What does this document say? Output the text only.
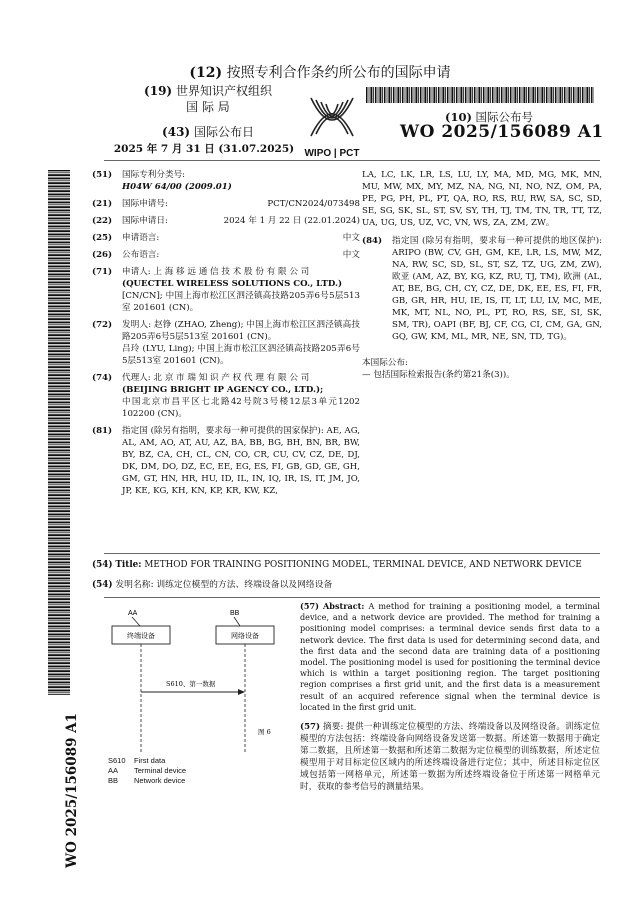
(12) 按照专利合作条约所公布的国际申请
(19) 世界知识产权组织
国 际 局
(43) 国际公布日
2025 年 7 月 31 日 (31.07.2025)	WIPO | PCT
(10) 国际公布号
WO 2025/156089 A1
WO 2025/156089 A1
(51) 国际专利分类号:
H04W 64/00 (2009.01)
(21) 国际申请号:	PCT/CN2024/073498
(22) 国际申请日:	2024 年 1 月 22 日 (22.01.2024)
(25) 申请语言:	中文
(26) 公布语言:	中文
(71) 申请人: 上 海 移 远 通 信 技 术 股 份 有 限 公 司
(QUECTEL WIRELESS SOLUTIONS CO., LTD.)
[CN/CN]; 中国上海市松江区泗泾镇高技路205弄6号5层513室 201601 (CN)。
(72) 发明人: 赵铮 (ZHAO, Zheng); 中国上海市松江区泗泾镇高技路205弄6号5层513室 201601 (CN)。
吕玲 (LYU, Ling); 中国上海市松江区泗泾镇高技路205弄6号5层513室 201601 (CN)。
(74) 代理人: 北 京 市 瑞 知 识 产 权 代 理 有 限 公 司
(BEIJING BRIGHT IP AGENCY CO., LTD.);
中国北京市昌平区七北路42号院3号楼12层3单元1202 102200 (CN)。
(81) 指定国 (除另有指明，要求每一种可提供的国家保护): AE, AG, AL, AM, AO, AT, AU, AZ, BA, BB, BG, BH, BN, BR, BW, BY, BZ, CA, CH, CL, CN, CO, CR, CU, CV, CZ, DE, DJ, DK, DM, DO, DZ, EC, EE, EG, ES, FI, GB, GD, GE, GH, GM, GT, HN, HR, HU, ID, IL, IN, IQ, IR, IS, IT, JM, JO, JP, KE, KG, KH, KN, KP, KR, KW, KZ,
LA, LC, LK, LR, LS, LU, LY, MA, MD, MG, MK, MN, MU, MW, MX, MY, MZ, NA, NG, NI, NO, NZ, OM, PA, PE, PG, PH, PL, PT, QA, RO, RS, RU, RW, SA, SC, SD, SE, SG, SK, SL, ST, SV, SY, TH, TJ, TM, TN, TR, TT, TZ, UA, UG, US, UZ, VC, VN, WS, ZA, ZM, ZW。
(84) 指定国 (除另有指明，要求每一种可提供的地区保护): ARIPO (BW, CV, GH, GM, KE, LR, LS, MW, MZ, NA, RW, SC, SD, SL, ST, SZ, TZ, UG, ZM, ZW), 欧亚 (AM, AZ, BY, KG, KZ, RU, TJ, TM), 欧洲 (AL, AT, BE, BG, CH, CY, CZ, DE, DK, EE, ES, FI, FR, GB, GR, HR, HU, IE, IS, IT, LT, LU, LV, MC, ME, MK, MT, NL, NO, PL, PT, RO, RS, SE, SI, SK, SM, TR), OAPI (BF, BJ, CF, CG, CI, CM, GA, GN, GQ, GW, KM, ML, MR, NE, SN, TD, TG)。
本国际公布:
— 包括国际检索报告(条约第21条(3))。
(54) Title: METHOD FOR TRAINING POSITIONING MODEL, TERMINAL DEVICE, AND NETWORK DEVICE
(54) 发明名称: 训练定位模型的方法、终端设备以及网络设备
AA	BB
终端设备	网络设备
S610、第一数据
图 6
S610 First data
AA Terminal device
BB Network device
(57) Abstract: A method for training a positioning model, a terminal device, and a network device are provided. The method for training a positioning model comprises: a terminal device sends first data to a network device. The first data is used for determining second data, and the first data and the second data are training data of a positioning model. The positioning model is used for positioning the terminal device which is within a target positioning region. The target positioning region comprises a first grid unit, and the first data is a measurement result of an acquired reference signal when the terminal device is located in the first grid unit.
(57) 摘要: 提供一种训练定位模型的方法、终端设备以及网络设备。训练定位模型的方法包括：终端设备向网络设备发送第一数据。所述第一数据用于确定第二数据，且所述第一数据和所述第二数据为定位模型的训练数据，所述定位模型用于对目标定位区域内的所述终端设备进行定位；其中，所述目标定位区域包括第一网格单元，所述第一数据为所述终端设备位于所述第一网格单元时，获取的参考信号的测量结果。
